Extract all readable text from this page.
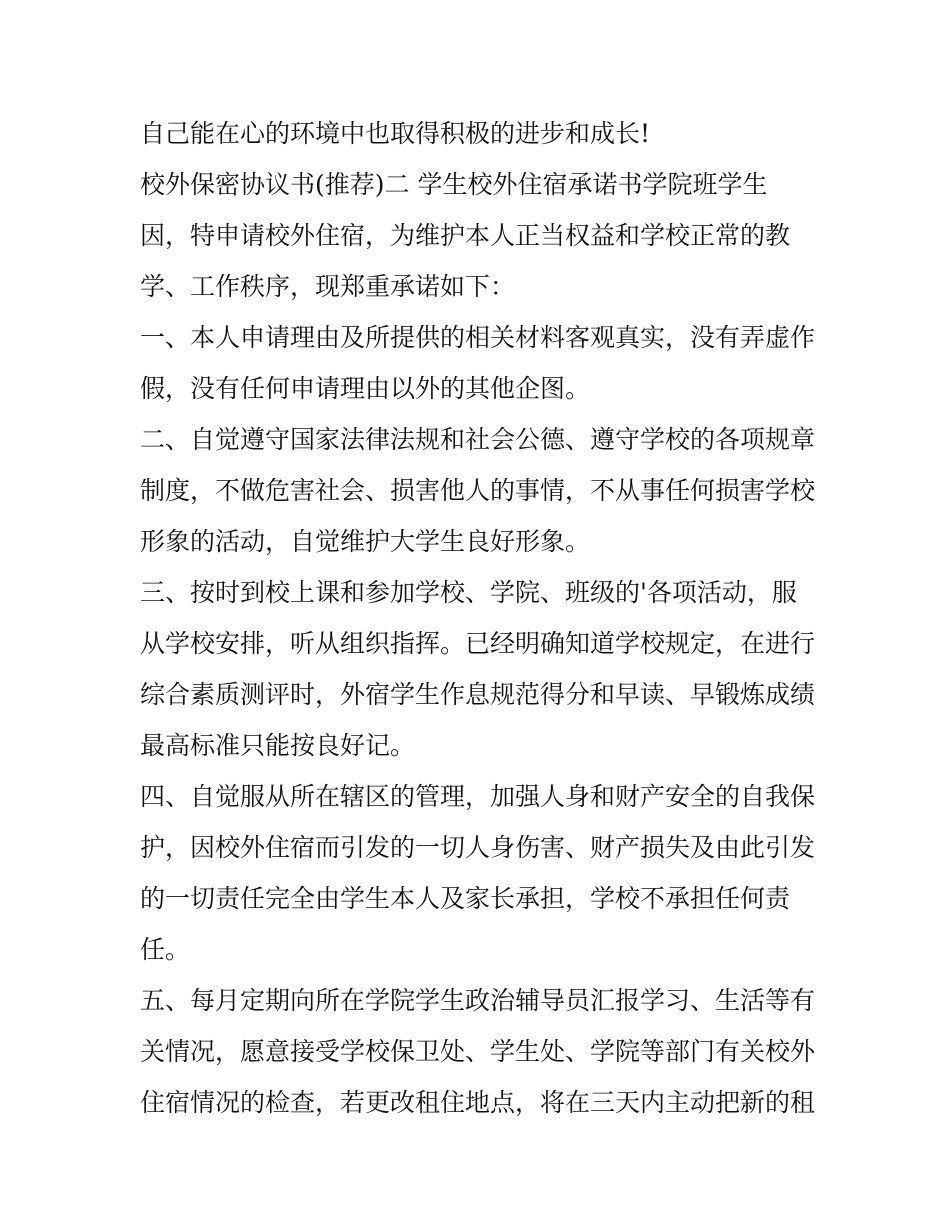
自己能在心的环境中也取得积极的进步和成长!
校外保密协议书(推荐)二 学生校外住宿承诺书学院班学生
因，特申请校外住宿，为维护本人正当权益和学校正常的教
学、工作秩序，现郑重承诺如下：
一、本人申请理由及所提供的相关材料客观真实，没有弄虚作
假，没有任何申请理由以外的其他企图。
二、自觉遵守国家法律法规和社会公德、遵守学校的各项规章
制度，不做危害社会、损害他人的事情，不从事任何损害学校
形象的活动，自觉维护大学生良好形象。
三、按时到校上课和参加学校、学院、班级的'各项活动，服
从学校安排，听从组织指挥。已经明确知道学校规定，在进行
综合素质测评时，外宿学生作息规范得分和早读、早锻炼成绩
最高标准只能按良好记。
四、自觉服从所在辖区的管理，加强人身和财产安全的自我保
护，因校外住宿而引发的一切人身伤害、财产损失及由此引发
的一切责任完全由学生本人及家长承担，学校不承担任何责
任。
五、每月定期向所在学院学生政治辅导员汇报学习、生活等有
关情况，愿意接受学校保卫处、学生处、学院等部门有关校外
住宿情况的检查，若更改租住地点，将在三天内主动把新的租
